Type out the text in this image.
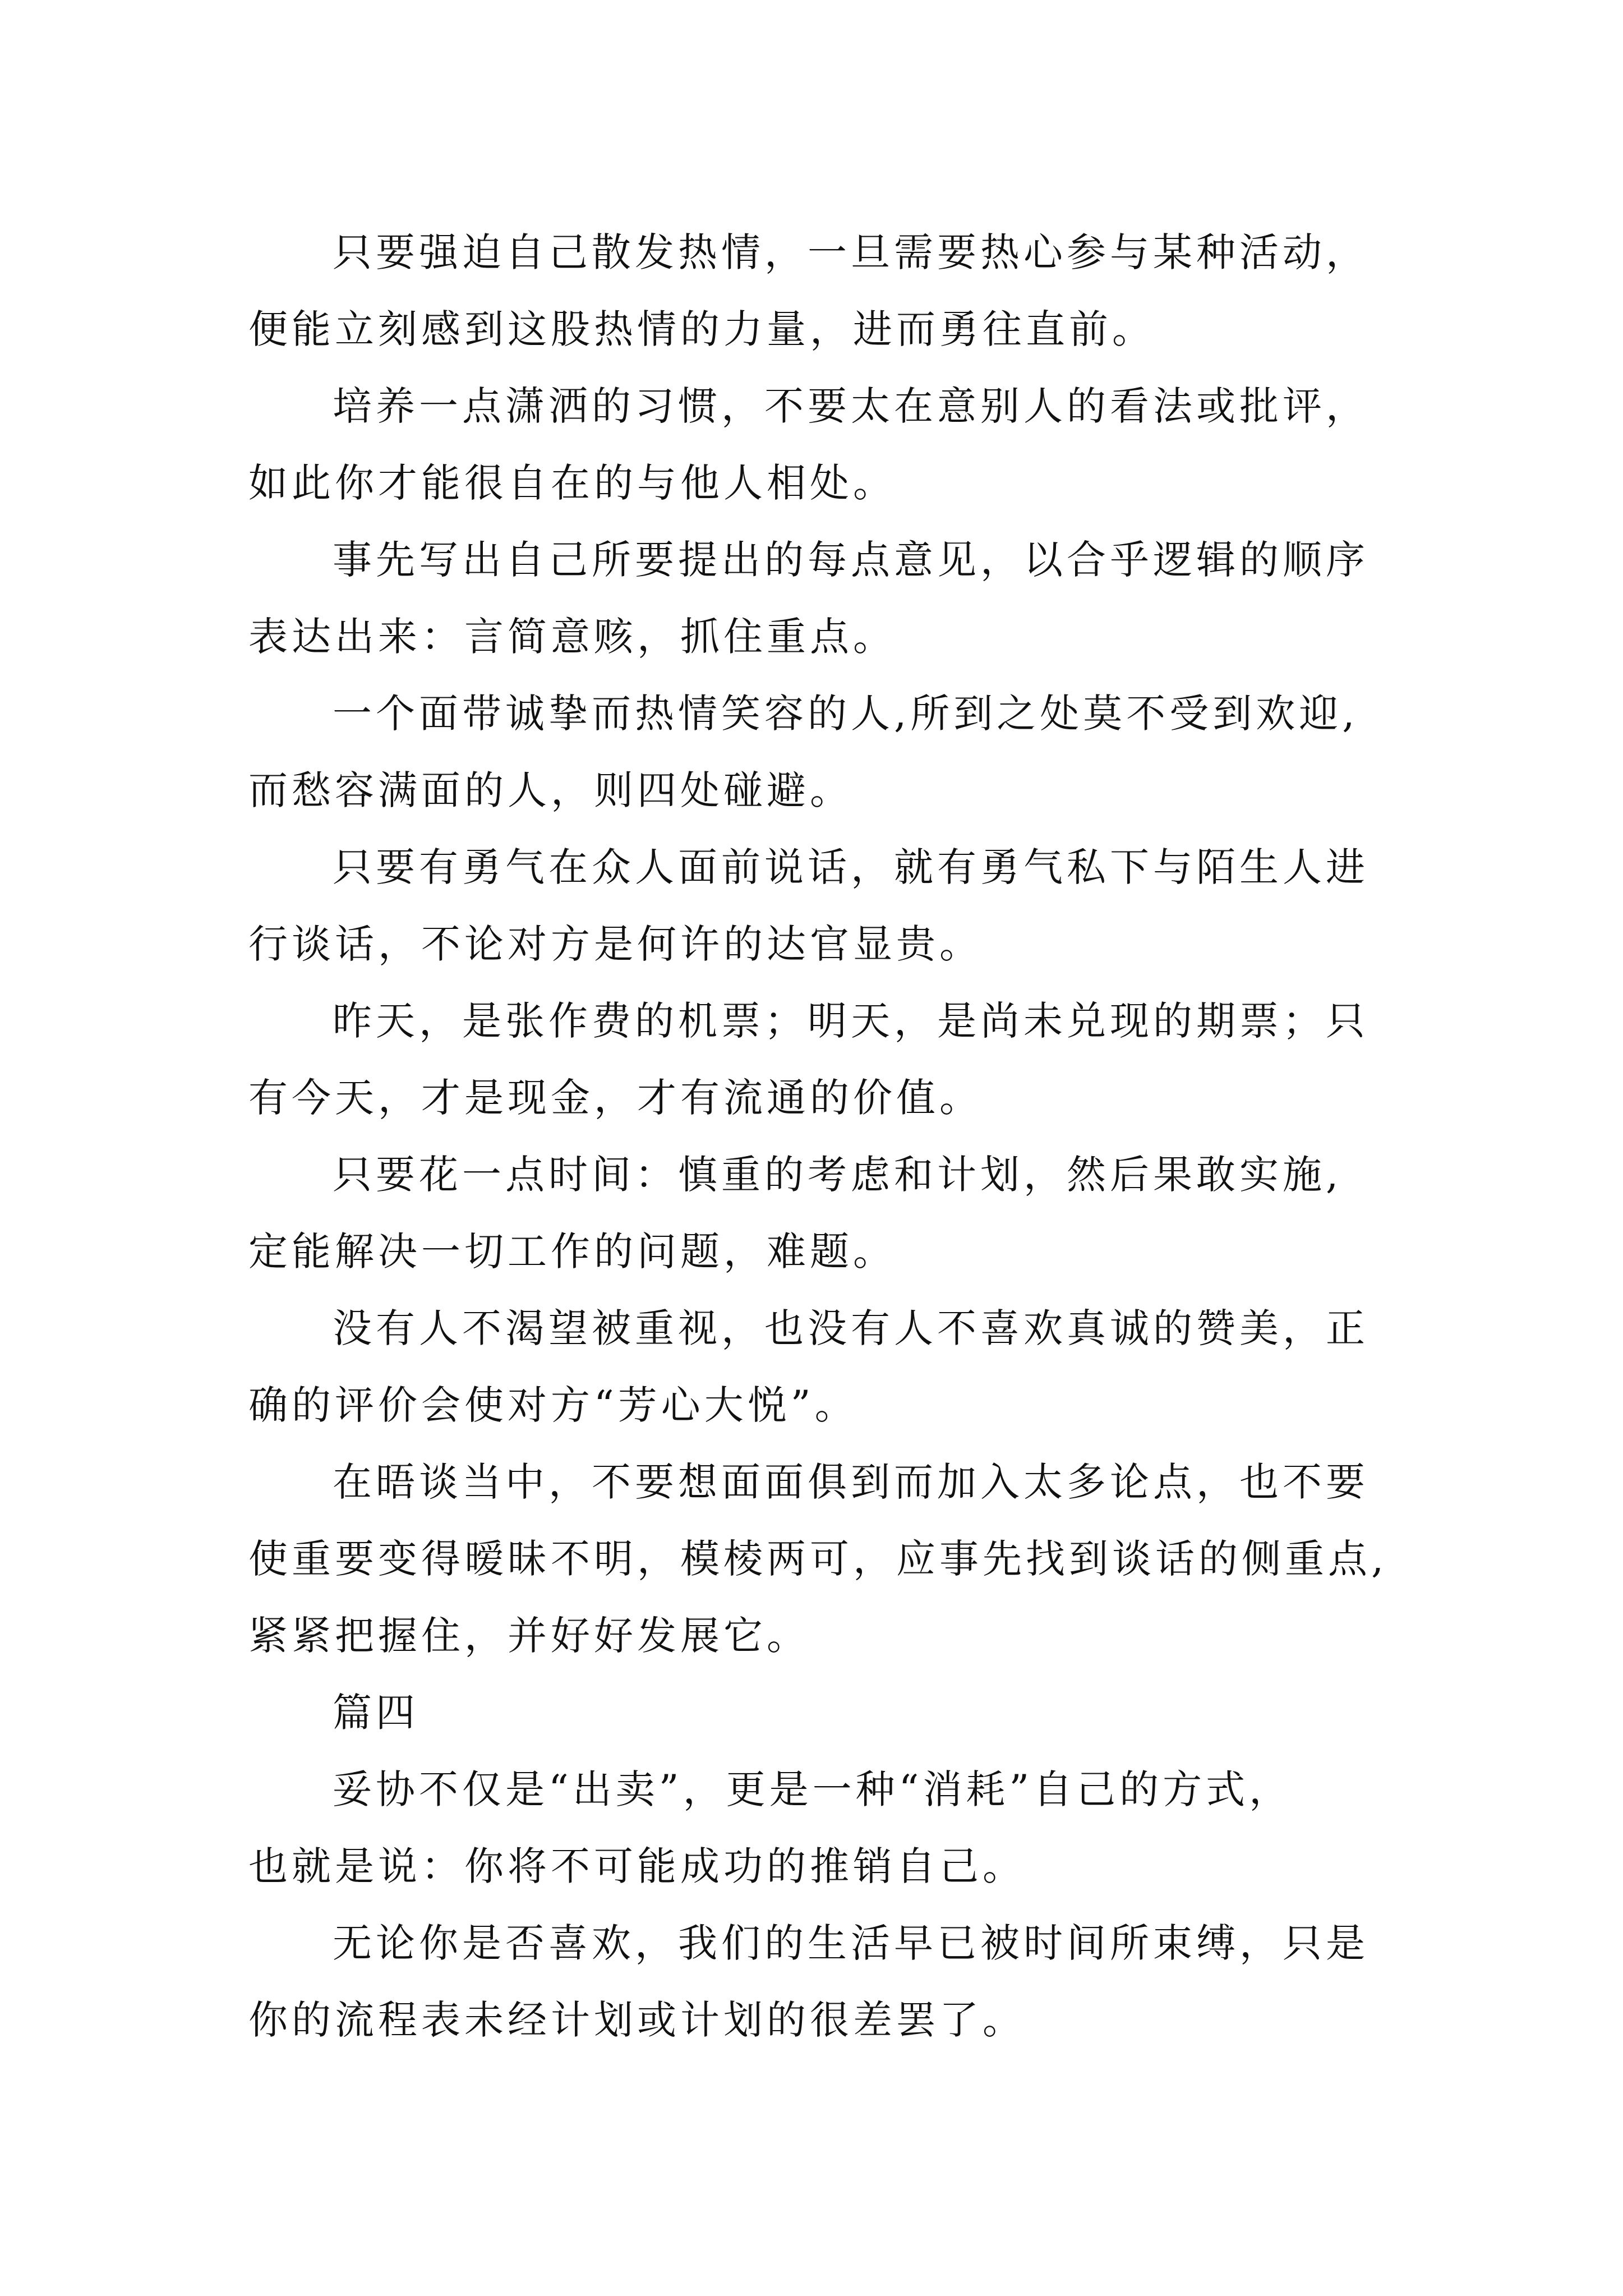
只要强迫自己散发热情，一旦需要热心参与某种活动，
便能立刻感到这股热情的力量，进而勇往直前。
培养一点潇洒的习惯，不要太在意别人的看法或批评，
如此你才能很自在的与他人相处。
事先写出自己所要提出的每点意见，以合乎逻辑的顺序
表达出来：言简意赅，抓住重点。
一个面带诚挚而热情笑容的人,所到之处莫不受到欢迎,
而愁容满面的人，则四处碰避。
只要有勇气在众人面前说话，就有勇气私下与陌生人进
行谈话，不论对方是何许的达官显贵。
昨天，是张作费的机票；明天，是尚未兑现的期票；只
有今天，才是现金，才有流通的价值。
只要花一点时间：慎重的考虑和计划，然后果敢实施,
定能解决一切工作的问题，难题。
没有人不渴望被重视，也没有人不喜欢真诚的赞美，正
确的评价会使对方“芳心大悦”。
在晤谈当中，不要想面面俱到而加入太多论点，也不要
使重要变得暧昧不明，模棱两可，应事先找到谈话的侧重点,
紧紧把握住，并好好发展它。
篇四
妥协不仅是“出卖”，更是一种“消耗”自己的方式，
也就是说：你将不可能成功的推销自己。
无论你是否喜欢，我们的生活早已被时间所束缚，只是
你的流程表未经计划或计划的很差罢了。
